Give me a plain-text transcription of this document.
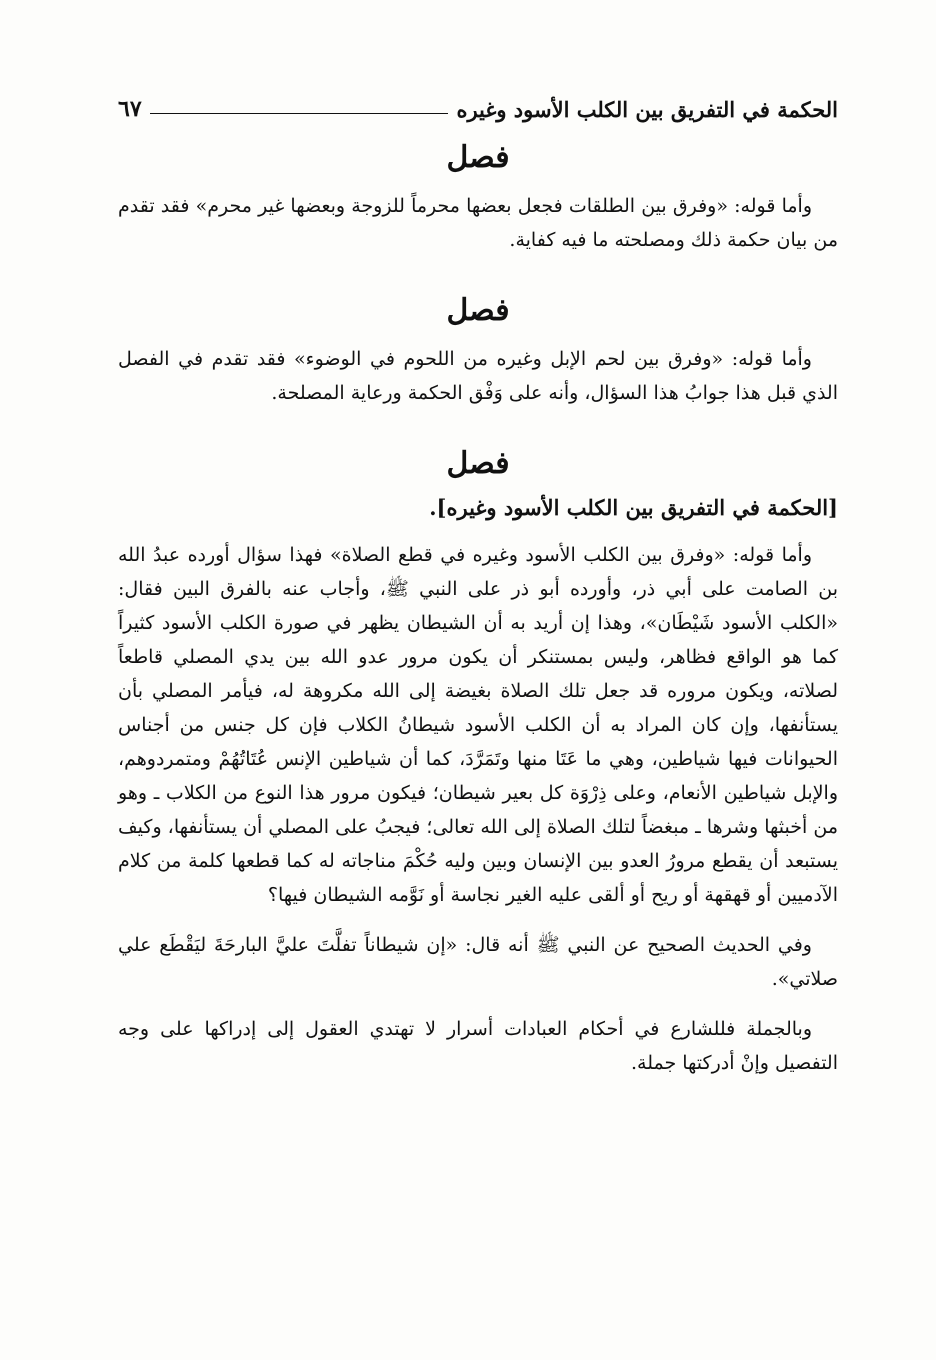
الحكمة في التفريق بين الكلب الأسود وغيره
٦٧
فصل

وأما قوله: «وفرق بين الطلقات فجعل بعضها محرماً للزوجة وبعضها غير محرم» فقد تقدم من بيان حكمة ذلك ومصلحته ما فيه كفاية.

فصل

وأما قوله: «وفرق بين لحم الإبل وغيره من اللحوم في الوضوء» فقد تقدم في الفصل الذي قبل هذا جوابُ هذا السؤال، وأنه على وَفْق الحكمة ورعاية المصلحة.

فصل
[الحكمة في التفريق بين الكلب الأسود وغيره].

وأما قوله: «وفرق بين الكلب الأسود وغيره في قطع الصلاة» فهذا سؤال أورده عبدُ الله بن الصامت على أبي ذر، وأورده أبو ذر على النبي ﷺ، وأجاب عنه بالفرق البين فقال: «الكلب الأسود شَيْطَان»، وهذا إن أريد به أن الشيطان يظهر في صورة الكلب الأسود كثيراً كما هو الواقع فظاهر، وليس بمستنكر أن يكون مرور عدو الله بين يدي المصلي قاطعاً لصلاته، ويكون مروره قد جعل تلك الصلاة بغيضة إلى الله مكروهة له، فيأمر المصلي بأن يستأنفها، وإن كان المراد به أن الكلب الأسود شيطانُ الكلاب فإن كل جنس من أجناس الحيوانات فيها شياطين، وهي ما عَتَا منها وتَمَرَّدَ، كما أن شياطين الإنس عُتَاتُهُمْ ومتمردوهم، والإبل شياطين الأنعام، وعلى ذِرْوَة كل بعير شيطان؛ فيكون مرور هذا النوع من الكلاب ـ وهو من أخبثها وشرها ـ مبغضاً لتلك الصلاة إلى الله تعالى؛ فيجبُ على المصلي أن يستأنفها، وكيف يستبعد أن يقطع مرورُ العدو بين الإنسان وبين وليه حُكْمَ مناجاته له كما قطعها كلمة من كلام الآدميين أو قهقهة أو ريح أو ألقى عليه الغير نجاسة أو نَوَّمه الشيطان فيها؟

وفي الحديث الصحيح عن النبي ﷺ أنه قال: «إن شيطاناً تفلَّتَ عليَّ البارحَةَ ليَقْطَع علي صلاتي».

وبالجملة فللشارع في أحكام العبادات أسرار لا تهتدي العقول إلى إدراكها على وجه التفصيل وإنْ أدركتها جملة.
